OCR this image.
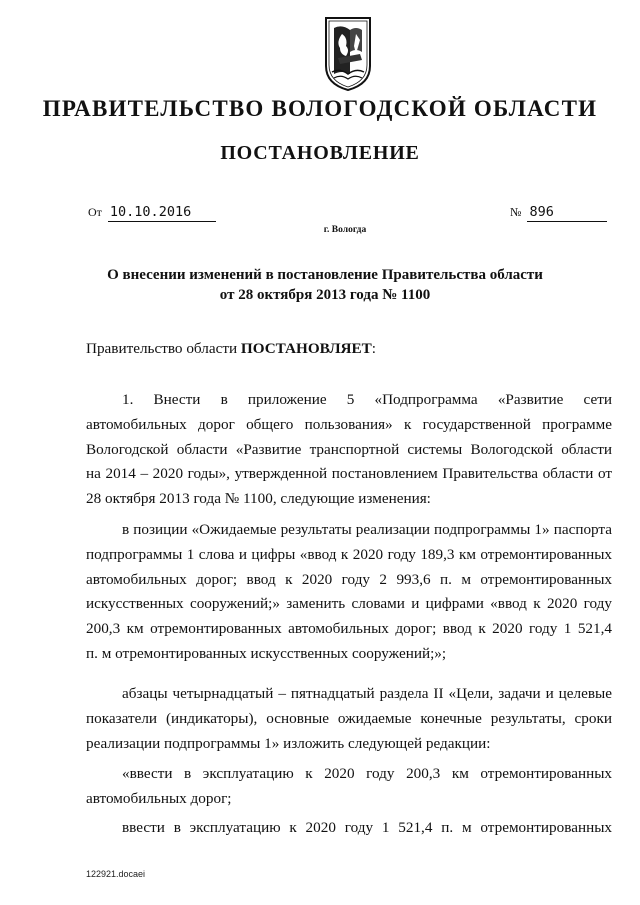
ПРАВИТЕЛЬСТВО ВОЛОГОДСКОЙ ОБЛАСТИ
ПОСТАНОВЛЕНИЕ
От 10.10.2016	№ 896
г. Вологда
О внесении изменений в постановление Правительства области
от 28 октября 2013 года № 1100
Правительство области ПОСТАНОВЛЯЕТ:
1. Внести в приложение 5 «Подпрограмма «Развитие сети
автомобильных дорог общего пользования» к государственной программе
Вологодской области «Развитие транспортной системы Вологодской области
на 2014 – 2020 годы», утвержденной постановлением Правительства области от
28 октября 2013 года № 1100, следующие изменения:
в позиции «Ожидаемые результаты реализации подпрограммы 1» паспорта
подпрограммы 1 слова и цифры «ввод к 2020 году 189,3 км отремонтированных
автомобильных дорог; ввод к 2020 году 2 993,6 п. м отремонтированных
искусственных сооружений;» заменить словами и цифрами «ввод к 2020 году
200,3 км отремонтированных автомобильных дорог; ввод к 2020 году 1 521,4
п. м отремонтированных искусственных сооружений;»;
абзацы четырнадцатый – пятнадцатый раздела II «Цели, задачи и целевые
показатели (индикаторы), основные ожидаемые конечные результаты, сроки
реализации подпрограммы 1» изложить следующей редакции:
«ввести в эксплуатацию к 2020 году 200,3 км отремонтированных
автомобильных дорог;
ввести в эксплуатацию к 2020 году 1 521,4 п. м отремонтированных
122921.docaei
